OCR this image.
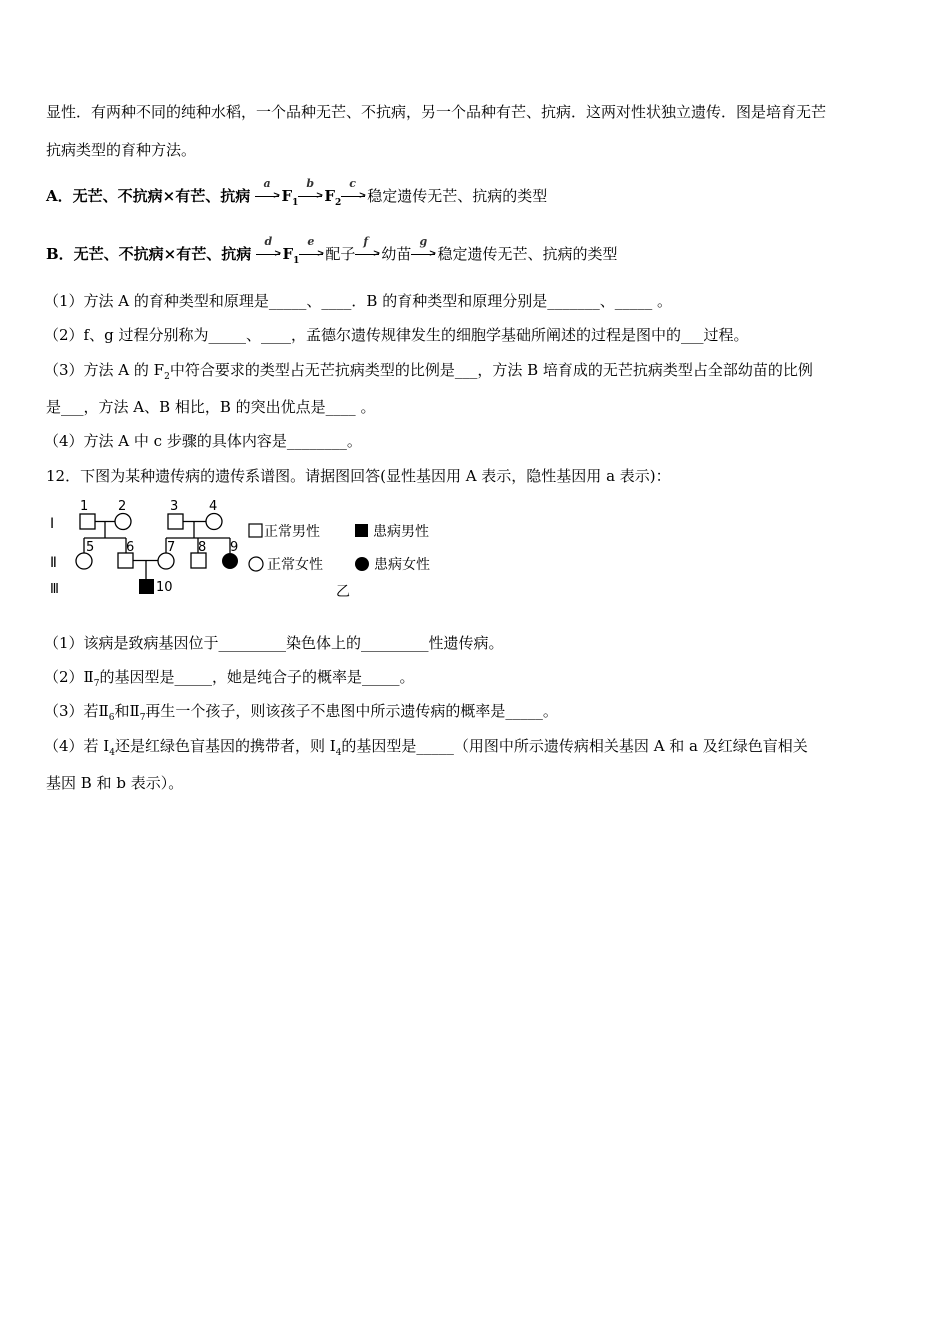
显性．有两种不同的纯种水稻，一个品种无芒、不抗病，另一个品种有芒、抗病．这两对性状独立遗传．图是培育无芒
抗病类型的育种方法。
A．无芒、不抗病×有芒、抗病
a
> $F_1$
b
> $F_2$
c
> 稳定遗传无芒、抗病的类型
B．无芒、不抗病×有芒、抗病
d
> $F_1$
e
> 配子
f
> 幼苗
g
> 稳定遗传无芒、抗病的类型
（1）方法 A 的育种类型和原理是_____、____．B 的育种类型和原理分别是_______、_____ 。
（2）f、g 过程分别称为_____、____，孟德尔遗传规律发生的细胞学基础所阐述的过程是图中的___过程。
（3）方法 A 的 $F_2$中符合要求的类型占无芒抗病类型的比例是___，方法 B 培育成的无芒抗病类型占全部幼苗的比例
是___，方法 A、B 相比，B 的突出优点是____ 。
（4）方法 A 中 c 步骤的具体内容是________。
12．下图为某种遗传病的遗传系谱图。请据图回答(显性基因用 A 表示，隐性基因用 a 表示)：
Ⅰ
Ⅱ
Ⅲ
1 2	3 4
5 6	7 8 9
10
正常男性	患病男性
正常女性	患病女性
乙
（1）该病是致病基因位于_________染色体上的_________性遗传病。
$(2)Ⅱ_7$的基因型是_____，她是纯合子的概率是_____。
（3）若$Ⅱ_6$和$Ⅱ_7$再生一个孩子，则该孩子不患图中所示遗传病的概率是_____。
（4）若 $I_4$还是红绿色盲基因的携带者，则 $I_4$的基因型是_____（用图中所示遗传病相关基因 A 和 a 及红绿色盲相关
基因 B 和 b 表示）。
